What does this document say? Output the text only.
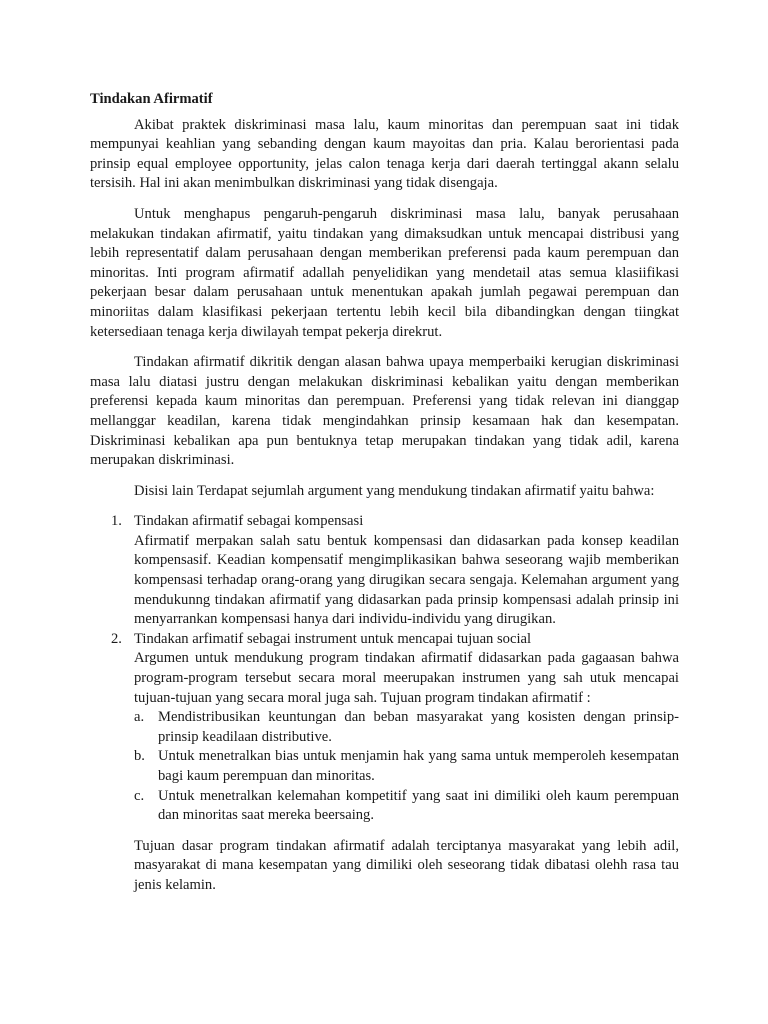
Tindakan Afirmatif

Akibat praktek diskriminasi masa lalu, kaum minoritas dan perempuan saat ini tidak mempunyai keahlian yang sebanding dengan kaum mayoitas dan pria. Kalau berorientasi pada prinsip equal employee opportunity, jelas calon tenaga kerja dari daerah tertinggal akann selalu tersisih. Hal ini akan menimbulkan diskriminasi yang tidak disengaja.

Untuk menghapus pengaruh-pengaruh diskriminasi masa lalu, banyak perusahaan melakukan tindakan afirmatif, yaitu tindakan yang dimaksudkan untuk mencapai distribusi yang lebih representatif dalam perusahaan dengan memberikan preferensi pada kaum perempuan dan minoritas. Inti program afirmatif adallah penyelidikan yang mendetail atas semua klasiifikasi pekerjaan besar dalam perusahaan untuk menentukan apakah jumlah pegawai perempuan dan minoriitas dalam klasifikasi pekerjaan tertentu lebih kecil bila dibandingkan dengan tiingkat ketersediaan tenaga kerja diwilayah tempat pekerja direkrut.

Tindakan afirmatif dikritik dengan alasan bahwa upaya memperbaiki kerugian diskriminasi masa lalu diatasi justru dengan melakukan diskriminasi kebalikan yaitu dengan memberikan preferensi kepada kaum minoritas dan perempuan. Preferensi yang tidak relevan ini dianggap mellanggar keadilan, karena tidak mengindahkan prinsip kesamaan hak dan kesempatan. Diskriminasi kebalikan apa pun bentuknya tetap merupakan tindakan yang tidak adil, karena merupakan diskriminasi.

Disisi lain Terdapat sejumlah argument yang mendukung tindakan afirmatif yaitu bahwa:

1. Tindakan afirmatif sebagai kompensasi
Afirmatif merpakan salah satu bentuk kompensasi dan didasarkan pada konsep keadilan kompensasif. Keadian kompensatif mengimplikasikan bahwa seseorang wajib memberikan kompensasi terhadap orang-orang yang dirugikan secara sengaja. Kelemahan argument yang mendukunng tindakan afirmatif yang didasarkan pada prinsip kompensasi adalah prinsip ini menyarrankan kompensasi hanya dari individu-individu yang dirugikan.
2. Tindakan arfimatif sebagai instrument untuk mencapai tujuan social
Argumen untuk mendukung program tindakan afirmatif didasarkan pada gagaasan bahwa program-program tersebut secara moral meerupakan instrumen yang sah utuk mencapai tujuan-tujuan yang secara moral juga sah. Tujuan program tindakan afirmatif :
a. Mendistribusikan keuntungan dan beban masyarakat yang kosisten dengan prinsip-prinsip keadilaan distributive.
b. Untuk menetralkan bias untuk menjamin hak yang sama untuk memperoleh kesempatan bagi kaum perempuan dan minoritas.
c. Untuk menetralkan kelemahan kompetitif yang saat ini dimiliki oleh kaum perempuan dan minoritas saat mereka beersaing.

Tujuan dasar program tindakan afirmatif adalah terciptanya masyarakat yang lebih adil, masyarakat di mana kesempatan yang dimiliki oleh seseorang tidak dibatasi olehh rasa tau jenis kelamin.
